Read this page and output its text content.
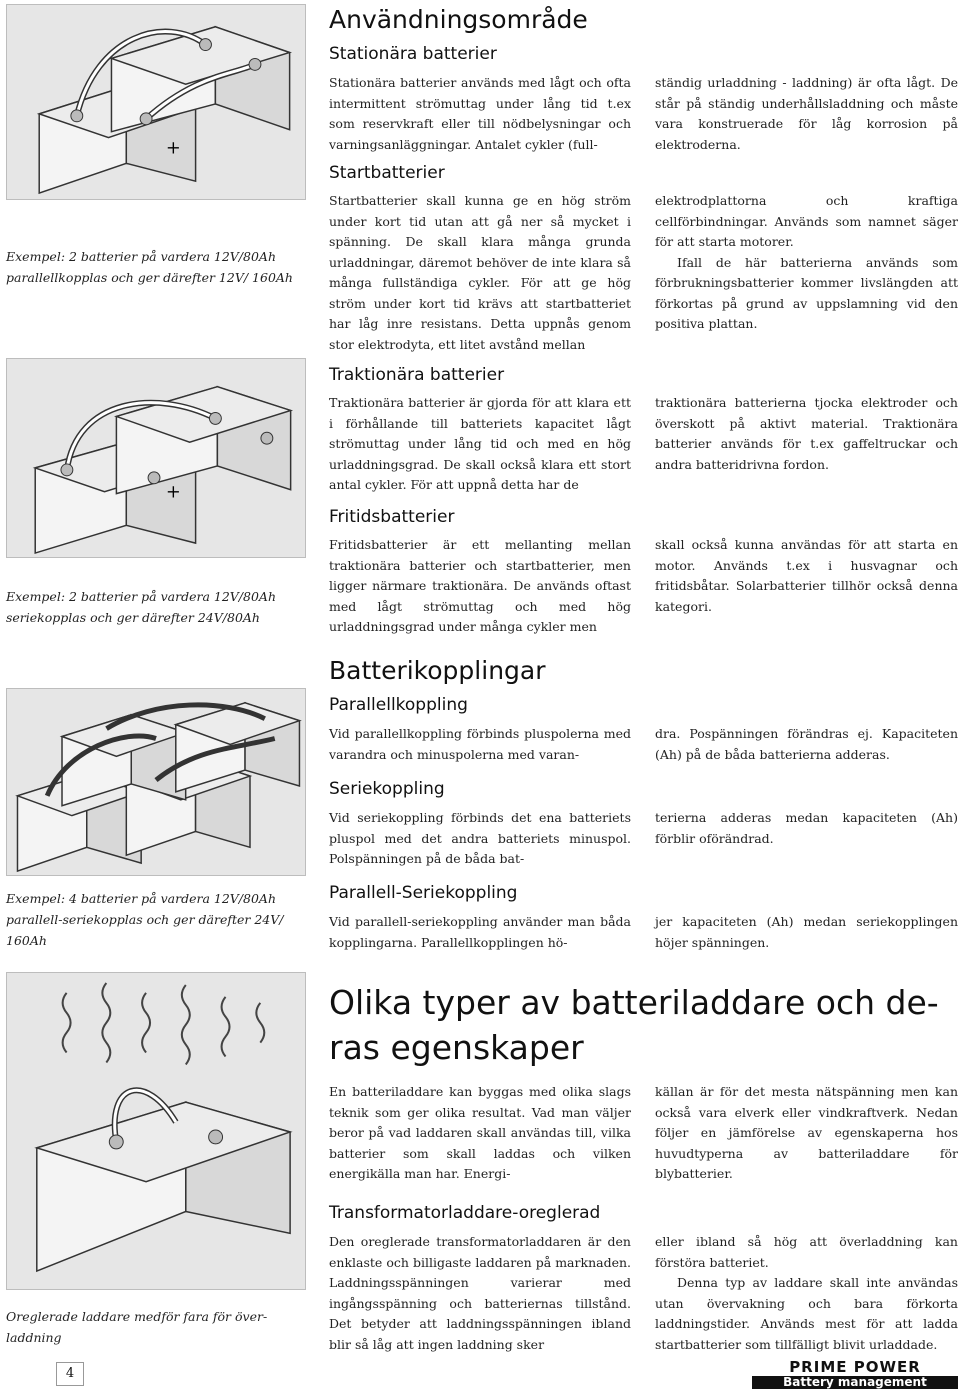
+
Exempel: 2 batterier på vardera 12V/80Ah parallellkopplas och ger därefter 12V/ 160Ah
+
Exempel: 2 batterier på vardera 12V/80Ah seriekopplas och ger därefter 24V/80Ah
Exempel: 4 batterier på vardera 12V/80Ah parallell-seriekopplas och ger därefter 24V/ 160Ah
Oreglerade laddare medför fara för över- laddning
Användningsområde
Stationära batterier

Stationära batterier används med lågt och ofta intermittent strömuttag under lång tid t.ex som reservkraft eller till nödbelysningar och varningsanläggningar. Antalet cykler (full-

ständig urladdning - laddning) är ofta lågt. De står på ständig underhållsladdning och måste vara konstruerade för låg korrosion på elektroderna.

Startbatterier

Startbatterier skall kunna ge en hög ström under kort tid utan att gå ner så mycket i spänning. De skall klara många grunda urladdningar, däremot behöver de inte klara så många fullständiga cykler. För att ge hög ström under kort tid krävs att startbatteriet har låg inre resistans. Detta uppnås genom stor elektrodyta, ett litet avstånd mellan

elektrodplattorna och kraftiga cellförbindningar. Används som namnet säger för att starta motorer.

Ifall de här batterierna används som förbrukningsbatterier kommer livslängden att förkortas på grund av uppslamning vid den positiva plattan.

Traktionära batterier

Traktionära batterier är gjorda för att klara ett i förhållande till batteriets kapacitet lågt strömuttag under lång tid och med en hög urladdningsgrad. De skall också klara ett stort antal cykler. För att uppnå detta har de

traktionära batterierna tjocka elektroder och överskott på aktivt material. Traktionära batterier används för t.ex gaffeltruckar och andra batteridrivna fordon.

Fritidsbatterier

Fritidsbatterier är ett mellanting mellan traktionära batterier och startbatterier, men ligger närmare traktionära. De används oftast med lågt strömuttag och med hög urladdningsgrad under många cykler men

skall också kunna användas för att starta en motor. Används t.ex i husvagnar och fritidsbåtar. Solarbatterier tillhör också denna kategori.

Batterikopplingar
Parallellkoppling

Vid parallellkoppling förbinds pluspolerna med varandra och minuspolerna med varan-

dra. Pospänningen förändras ej. Kapaciteten (Ah) på de båda batterierna adderas.

Seriekoppling

Vid seriekoppling förbinds det ena batteriets pluspol med det andra batteriets minuspol. Polspänningen på de båda bat-

terierna adderas medan kapaciteten (Ah) förblir oförändrad.

Parallell-Seriekoppling

Vid parallell-seriekoppling använder man båda kopplingarna. Parallellkopplingen hö-

jer kapaciteten (Ah) medan seriekopplingen höjer spänningen.

Olika typer av batteriladdare och de- ras egenskaper

En batteriladdare kan byggas med olika slags teknik som ger olika resultat. Vad man väljer beror på vad laddaren skall användas till, vilka batterier som skall laddas och vilken energikälla man har. Energi-

källan är för det mesta nätspänning men kan också vara elverk eller vindkraftverk. Nedan följer en jämförelse av egenskaperna hos huvudtyperna av batteriladdare för blybatterier.

Transformatorladdare-oreglerad

Den oreglerade transformatorladdaren är den enklaste och billigaste laddaren på marknaden. Laddningsspänningen varierar med ingångsspänning och batteriernas tillstånd. Det betyder att laddningsspänningen ibland blir så låg att ingen laddning sker

eller ibland så hög att överladdning kan förstöra batteriet.

Denna typ av laddare skall inte användas utan övervakning och bara förkorta laddningstider. Används mest för att ladda startbatterier som tillfälligt blivit urladdade.

4	PRIME POWER
Battery management
